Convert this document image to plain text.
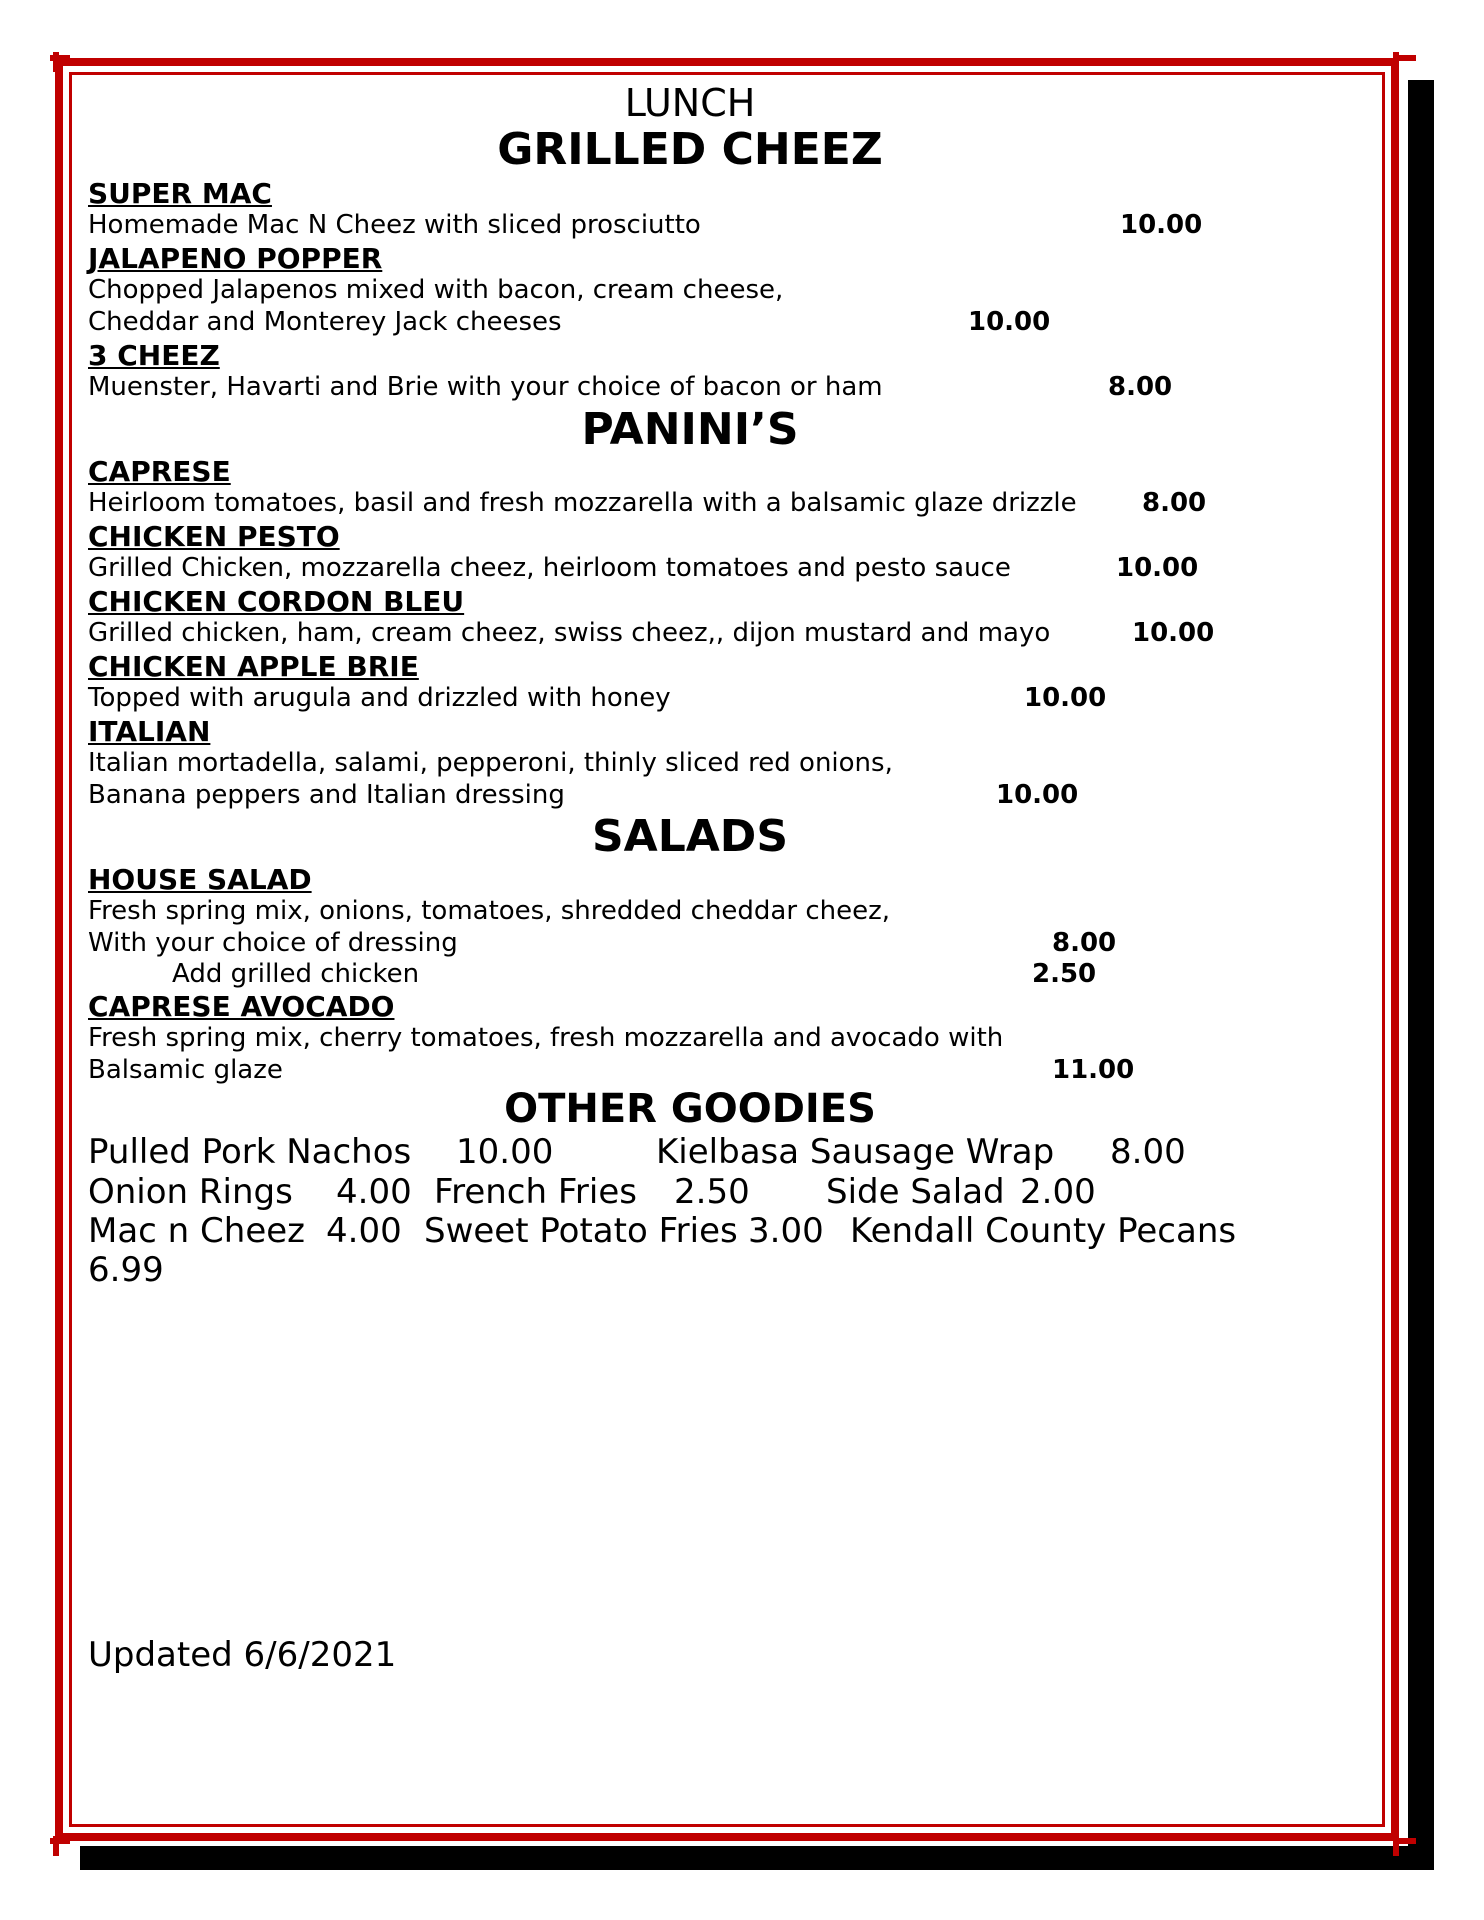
LUNCH
GRILLED CHEEZ
SUPER MAC
Homemade Mac N Cheez with sliced prosciutto	10.00
JALAPENO POPPER
Chopped Jalapenos mixed with bacon, cream cheese,
Cheddar and Monterey Jack cheeses	10.00
3 CHEEZ
Muenster, Havarti and Brie with your choice of bacon or ham	8.00
PANINI’S
CAPRESE
Heirloom tomatoes, basil and fresh mozzarella with a balsamic glaze drizzle	8.00
CHICKEN PESTO
Grilled Chicken, mozzarella cheez, heirloom tomatoes and pesto sauce	10.00
CHICKEN CORDON BLEU
Grilled chicken, ham, cream cheez, swiss cheez,, dijon mustard and mayo	10.00
CHICKEN APPLE BRIE
Topped with arugula and drizzled with honey	10.00
ITALIAN
Italian mortadella, salami, pepperoni, thinly sliced red onions,
Banana peppers and Italian dressing	10.00
SALADS
HOUSE SALAD
Fresh spring mix, onions, tomatoes, shredded cheddar cheez,
With your choice of dressing	8.00
Add grilled chicken	2.50
CAPRESE AVOCADO
Fresh spring mix, cherry tomatoes, fresh mozzarella and avocado with
Balsamic glaze	11.00
OTHER GOODIES
Pulled Pork Nachos 10.00	Kielbasa Sausage Wrap 8.00
Onion Rings 4.00 French Fries 2.50 Side Salad 2.00
Mac n Cheez 4.00 Sweet Potato Fries 3.00 Kendall County Pecans
6.99
Updated 6/6/2021
